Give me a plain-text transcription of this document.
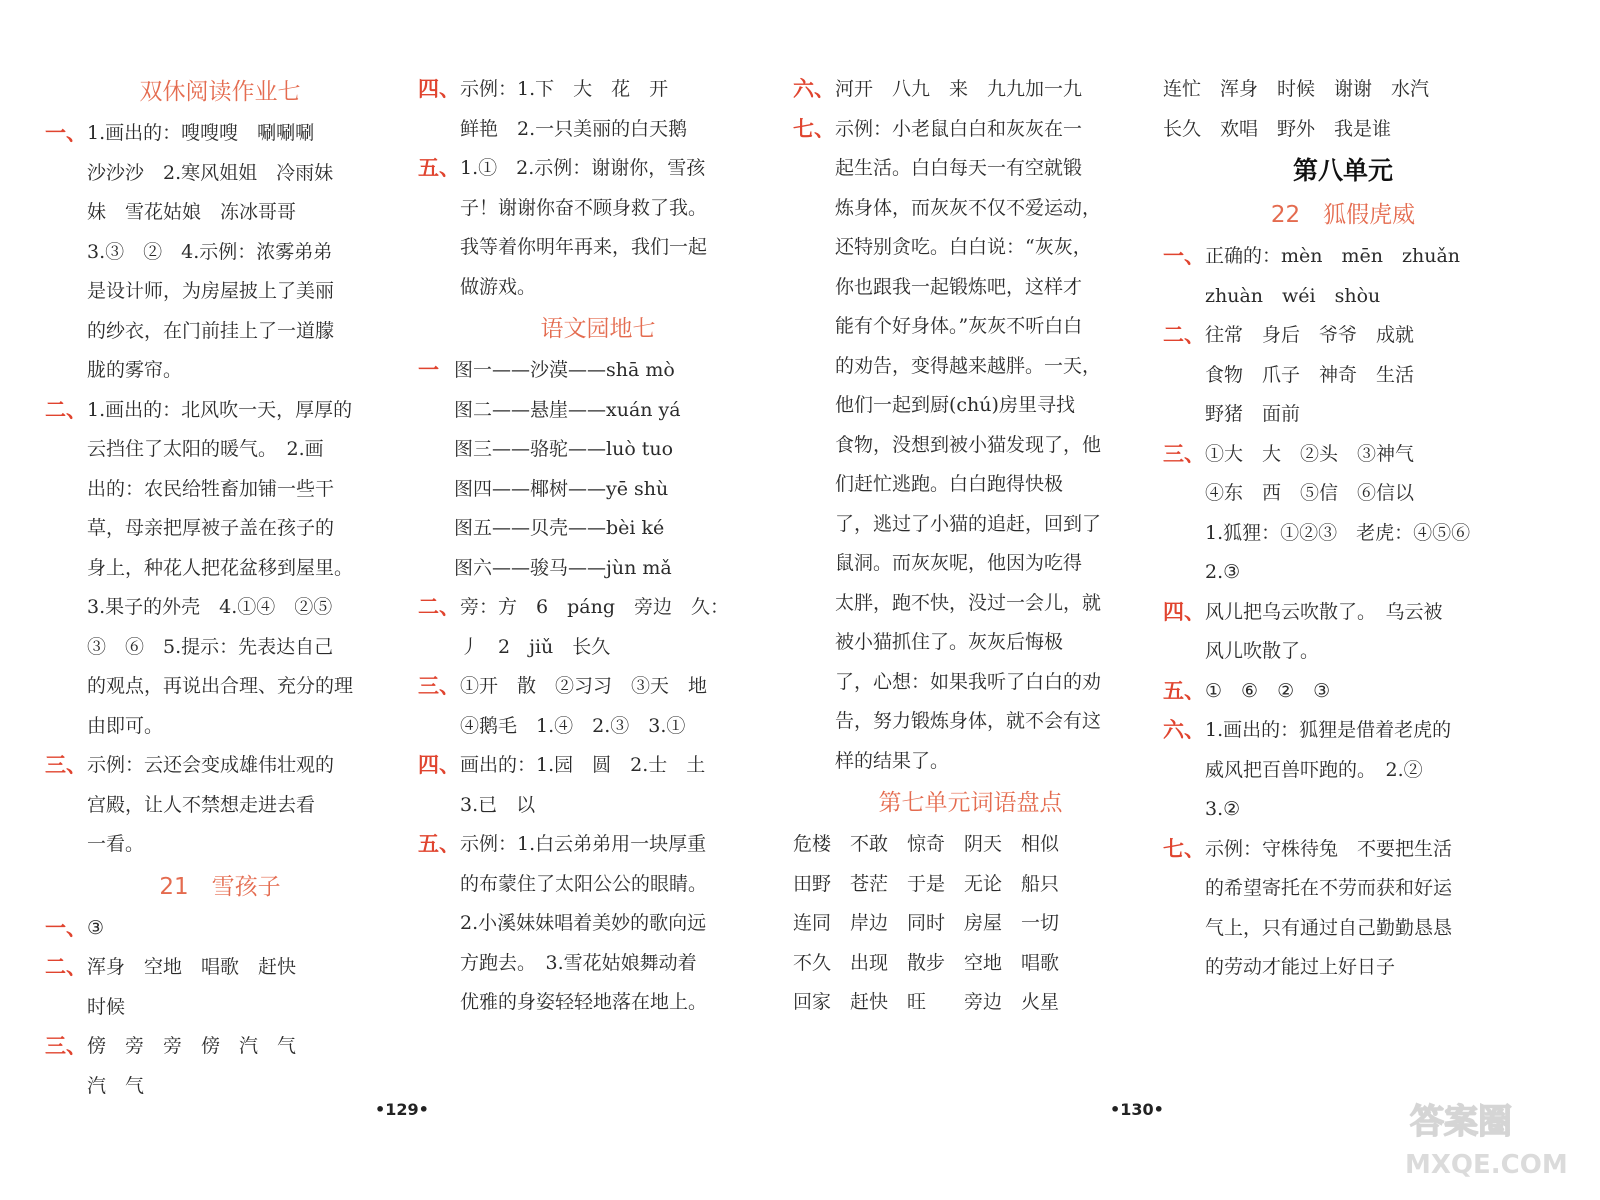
双休阅读作业七
一、 1.画出的：嗖嗖嗖　唰唰唰
沙沙沙　2.寒风姐姐　冷雨妹
妹　雪花姑娘　冻冰哥哥
3.③　②　4.示例：浓雾弟弟
是设计师，为房屋披上了美丽
的纱衣，在门前挂上了一道朦
胧的雾帘。
二、 1.画出的：北风吹一天，厚厚的
云挡住了太阳的暖气。　2.画
出的：农民给牲畜加铺一些干
草，母亲把厚被子盖在孩子的
身上，种花人把花盆移到屋里。
3.果子的外壳　4.①④　②⑤
③　⑥　5.提示：先表达自己
的观点，再说出合理、充分的理
由即可。
三、 示例：云还会变成雄伟壮观的
宫殿，让人不禁想走进去看
一看。
21　雪孩子
一、 ③
二、 浑身　空地　唱歌　赶快
时候
三、 傍　旁　旁　傍　汽　气
汽　气
四、 示例：1.下　大　花　开
鲜艳　2.一只美丽的白天鹅
五、 1.①　2.示例：谢谢你，雪孩
子！谢谢你奋不顾身救了我。
我等着你明年再来，我们一起
做游戏。
语文园地七
一 图一——沙漠——shā mò
图二——悬崖——xuán yá
图三——骆驼——luò tuo
图四——椰树——yē shù
图五——贝壳——bèi ké
图六——骏马——jùn mǎ
二、 旁：方　6　páng　旁边　久：
丿　2　jiǔ　长久
三、 ①开　散　②习习　③天　地
④鹅毛　1.④　2.③　3.①
四、 画出的：1.园　圆　2.士　土
3.已　以
五、 示例：1.白云弟弟用一块厚重
的布蒙住了太阳公公的眼睛。
2.小溪妹妹唱着美妙的歌向远
方跑去。　3.雪花姑娘舞动着
优雅的身姿轻轻地落在地上。
六、 河开　八九　来　九九加一九
七、 示例：小老鼠白白和灰灰在一
起生活。白白每天一有空就锻
炼身体，而灰灰不仅不爱运动，
还特别贪吃。白白说：“灰灰，
你也跟我一起锻炼吧，这样才
能有个好身体。”灰灰不听白白
的劝告，变得越来越胖。一天，
他们一起到厨(chú)房里寻找
食物，没想到被小猫发现了，他
们赶忙逃跑。白白跑得快极
了，逃过了小猫的追赶，回到了
鼠洞。而灰灰呢，他因为吃得
太胖，跑不快，没过一会儿，就
被小猫抓住了。灰灰后悔极
了，心想：如果我听了白白的劝
告，努力锻炼身体，就不会有这
样的结果了。
第七单元词语盘点
危楼　不敢　惊奇　阴天　相似
田野　苍茫　于是　无论　船只
连同　岸边　同时　房屋　一切
不久　出现　散步　空地　唱歌
回家　赶快　旺　　旁边　火星
连忙　浑身　时候　谢谢　水汽
长久　欢唱　野外　我是谁
第八单元
22　狐假虎威
一、 正确的：mèn　mēn　zhuǎn
zhuàn　wéi　shòu
二、 往常　身后　爷爷　成就
食物　爪子　神奇　生活
野猪　面前
三、 ①大　大　②头　③神气
④东　西　⑤信　⑥信以
1.狐狸：①②③　老虎：④⑤⑥
2.③
四、 风儿把乌云吹散了。　乌云被
风儿吹散了。
五、 ①　⑥　②　③
六、 1.画出的：狐狸是借着老虎的
威风把百兽吓跑的。　2.②
3.②
七、 示例：守株待兔　不要把生活
的希望寄托在不劳而获和好运
气上，只有通过自己勤勤恳恳
的劳动才能过上好日子
•129•	•130•	答案圈
MXQE.COM
